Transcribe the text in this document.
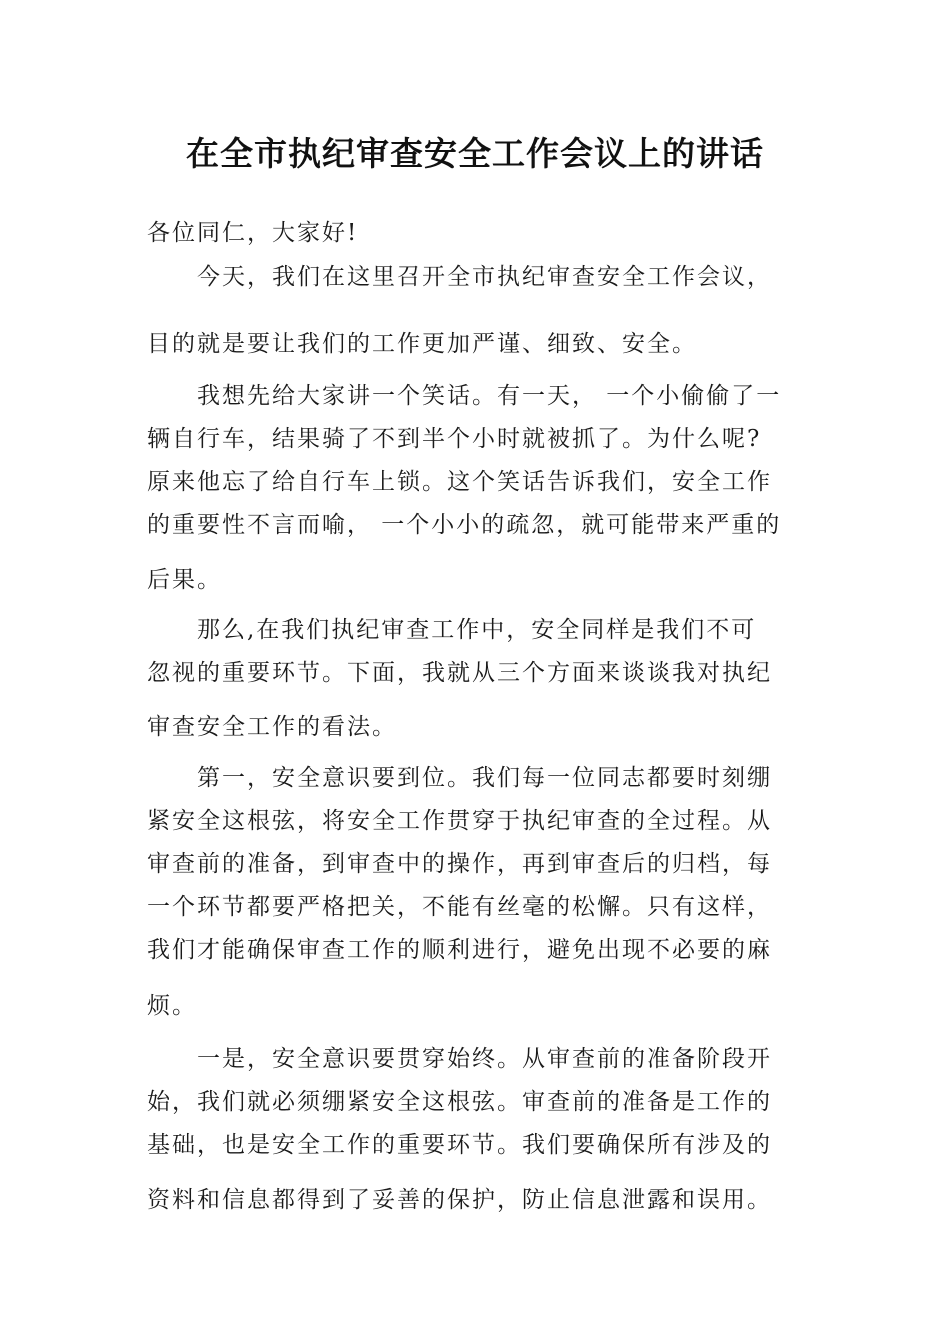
在全市执纪审查安全工作会议上的讲话

各位同仁，大家好!

今天，我们在这里召开全市执纪审查安全工作会议，

目的就是要让我们的工作更加严谨、细致、安全。

我想先给大家讲一个笑话。有一天， 一个小偷偷了一

辆自行车，结果骑了不到半个小时就被抓了。为什么呢?

原来他忘了给自行车上锁。这个笑话告诉我们，安全工作

的重要性不言而喻， 一个小小的疏忽，就可能带来严重的

后果。

那么,在我们执纪审查工作中，安全同样是我们不可

忽视的重要环节。下面，我就从三个方面来谈谈我对执纪

审查安全工作的看法。

第一，安全意识要到位。我们每一位同志都要时刻绷

紧安全这根弦，将安全工作贯穿于执纪审查的全过程。从

审查前的准备，到审查中的操作，再到审查后的归档，每

一个环节都要严格把关，不能有丝毫的松懈。只有这样，

我们才能确保审查工作的顺利进行，避免出现不必要的麻

烦。

一是，安全意识要贯穿始终。从审查前的准备阶段开

始，我们就必须绷紧安全这根弦。审查前的准备是工作的

基础，也是安全工作的重要环节。我们要确保所有涉及的

资料和信息都得到了妥善的保护，防止信息泄露和误用。
